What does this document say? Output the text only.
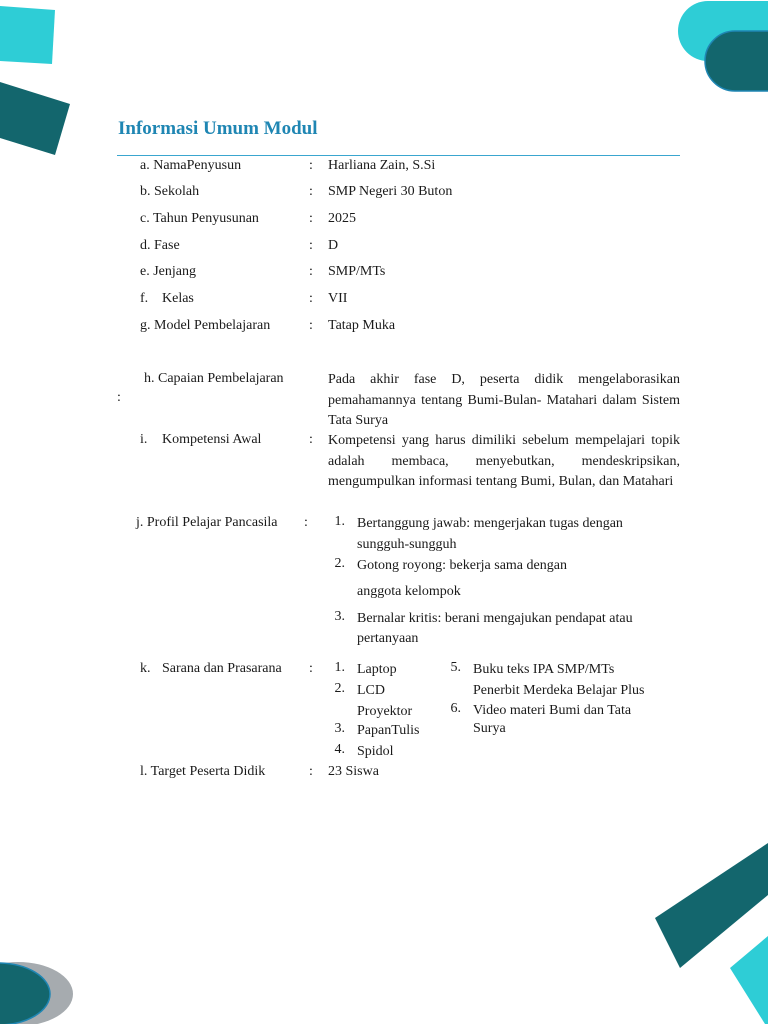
Informasi Umum Modul
a. NamaPenyusun	: Harliana Zain, S.Si
b. Sekolah	: SMP Negeri 30 Buton
c. Tahun Penyusunan	: 2025
d. Fase	: D
e. Jenjang	: SMP/MTs
f. Kelas	: VII
g. Model Pembelajaran	: Tatap Muka
h. Capaian Pembelajaran
:
Pada akhir fase D, peserta didik mengelaborasikan pemahamannya tentang Bumi-Bulan- Matahari dalam Sistem Tata Surya
i. Kompetensi Awal	: Kompetensi yang harus dimiliki sebelum mempelajari topik adalah membaca, menyebutkan, mendeskripsikan, mengumpulkan informasi tentang Bumi, Bulan, dan Matahari
j. Profil Pelajar Pancasila : 1. Bertanggung jawab: mengerjakan tugas dengan
sungguh-sungguh
2. Gotong royong: bekerja sama dengan
anggota kelompok
3. Bernalar kritis: berani mengajukan pendapat atau
pertanyaan
k. Sarana dan Prasarana : 1. Laptop
2. LCD
Proyektor
3. PapanTulis
4. Spidol
5. Buku teks IPA SMP/MTs
Penerbit Merdeka Belajar Plus
6. Video materi Bumi dan Tata
Surya
l. Target Peserta Didik	: 23 Siswa
